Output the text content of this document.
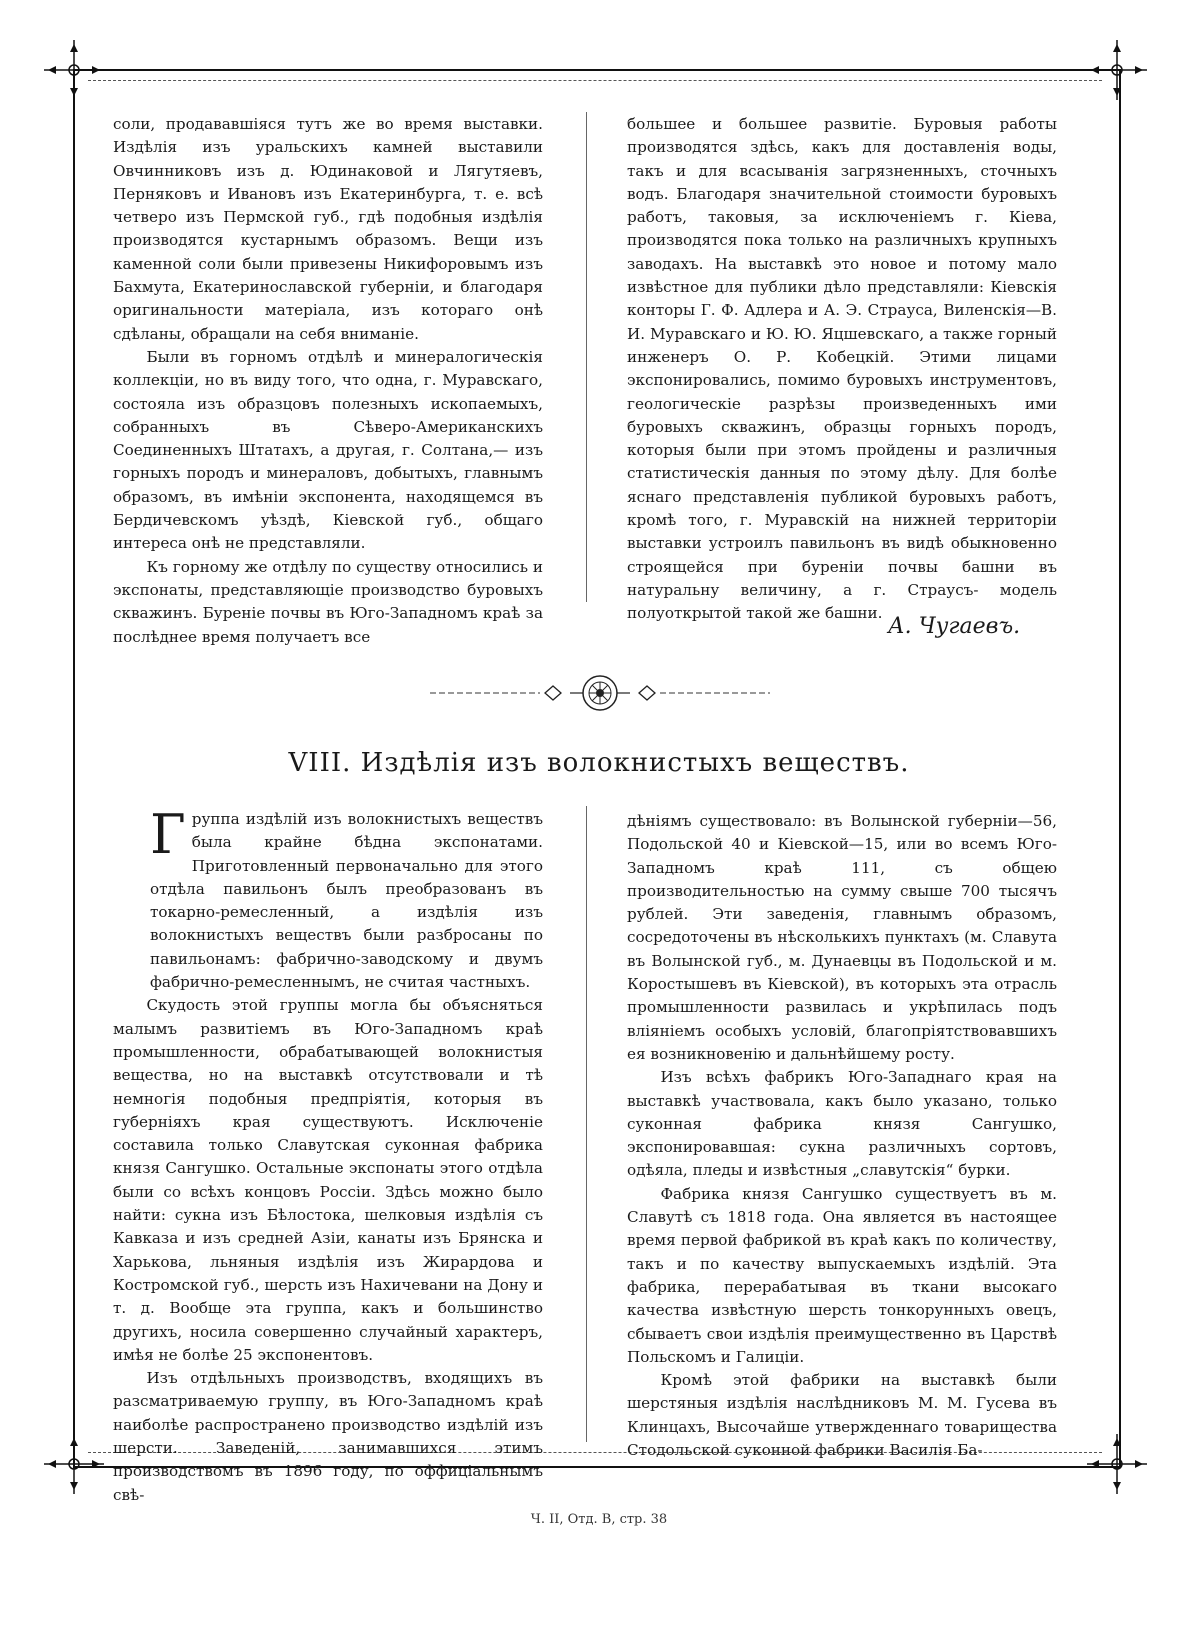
соли, продававшіяся тутъ же во время выставки. Издѣлія изъ уральскихъ камней выставили Овчинниковъ изъ д. Юдинаковой и Лягутяевъ, Перняковъ и Ивановъ изъ Екатеринбурга, т. е. всѣ четверо изъ Пермской губ., гдѣ подобныя издѣлія производятся кустарнымъ образомъ. Вещи изъ каменной соли были привезены Никифоровымъ изъ Бахмута, Екатеринославской губерніи, и благодаря оригинальности матеріала, изъ котораго онѣ сдѣланы, обращали на себя вниманіе.

Были въ горномъ отдѣлѣ и минералогическія коллекціи, но въ виду того, что одна, г. Муравскаго, состояла изъ образцовъ полезныхъ ископаемыхъ, собранныхъ въ Сѣверо-Американскихъ Соединенныхъ Штатахъ, а другая, г. Солтана,— изъ горныхъ породъ и минераловъ, добытыхъ, главнымъ образомъ, въ имѣніи экспонента, находящемся въ Бердичевскомъ уѣздѣ, Кіевской губ., общаго интереса онѣ не представляли.

Къ горному же отдѣлу по существу относились и экспонаты, представляющіе производство буровыхъ скважинъ. Буреніе почвы въ Юго-Западномъ краѣ за послѣднее время получаетъ все

большее и большее развитіе. Буровыя работы производятся здѣсь, какъ для доставленія воды, такъ и для всасыванія загрязненныхъ, сточныхъ водъ. Благодаря значительной стоимости буровыхъ работъ, таковыя, за исключеніемъ г. Кіева, производятся пока только на различныхъ крупныхъ заводахъ. На выставкѣ это новое и потому мало извѣстное для публики дѣло представляли: Кіевскія конторы Г. Ф. Адлера и А. Э. Страуса, Виленскія—В. И. Муравскаго и Ю. Ю. Яцшевскаго, а также горный инженеръ О. Р. Кобецкій. Этими лицами экспонировались, помимо буровыхъ инструментовъ, геологическіе разрѣзы произведенныхъ ими буровыхъ скважинъ, образцы горныхъ породъ, которыя были при этомъ пройдены и различныя статистическія данныя по этому дѣлу. Для болѣе яснаго представленія публикой буровыхъ работъ, кромѣ того, г. Муравскій на нижней территоріи выставки устроилъ павильонъ въ видѣ обыкновенно строящейся при буреніи почвы башни въ натуральну величину, а г. Страусъ- модель полуоткрытой такой же башни.

А. Чугаевъ.
VIII. Издѣлія изъ волокнистыхъ веществъ.

Группа издѣлій изъ волокнистыхъ веществъ была крайне бѣдна экспонатами. Приготовленный первоначально для этого отдѣла павильонъ былъ преобразованъ въ токарно-ремесленный, а издѣлія изъ волокнистыхъ веществъ были разбросаны по павильонамъ: фабрично-заводскому и двумъ фабрично-ремесленнымъ, не считая частныхъ.

Скудость этой группы могла бы объясняться малымъ развитіемъ въ Юго-Западномъ краѣ промышленности, обрабатывающей волокнистыя вещества, но на выставкѣ отсутствовали и тѣ немногія подобныя предпріятія, которыя въ губерніяхъ края существуютъ. Исключеніе составила только Славутская суконная фабрика князя Сангушко. Остальные экспонаты этого отдѣла были со всѣхъ концовъ Россіи. Здѣсь можно было найти: сукна изъ Бѣлостока, шелковыя издѣлія съ Кавказа и изъ средней Азіи, канаты изъ Брянска и Харькова, льняныя издѣлія изъ Жирардова и Костромской губ., шерсть изъ Нахичевани на Дону и т. д. Вообще эта группа, какъ и большинство другихъ, носила совершенно случайный характеръ, имѣя не болѣе 25 экспонентовъ.

Изъ отдѣльныхъ производствъ, входящихъ въ разсматриваемую группу, въ Юго-Западномъ краѣ наиболѣе распространено производство издѣлій изъ шерсти. Заведеній, занимавшихся этимъ производствомъ въ 1896 году, по оффиціальнымъ свѣ-

дѣніямъ существовало: въ Волынской губерніи—56, Подольской 40 и Кіевской—15, или во всемъ Юго-Западномъ краѣ 111, съ общею производительностью на сумму свыше 700 тысячъ рублей. Эти заведенія, главнымъ образомъ, сосредоточены въ нѣсколькихъ пунктахъ (м. Славута въ Волынской губ., м. Дунаевцы въ Подольской и м. Коростышевъ въ Кіевской), въ которыхъ эта отрасль промышленности развилась и укрѣпилась подъ вліяніемъ особыхъ условій, благопріятствовавшихъ ея возникновенію и дальнѣйшему росту.

Изъ всѣхъ фабрикъ Юго-Западнаго края на выставкѣ участвовала, какъ было указано, только суконная фабрика князя Сангушко, экспонировавшая: сукна различныхъ сортовъ, одѣяла, пледы и извѣстныя „славутскія“ бурки.

Фабрика князя Сангушко существуетъ въ м. Славутѣ съ 1818 года. Она является въ настоящее время первой фабрикой въ краѣ какъ по количеству, такъ и по качеству выпускаемыхъ издѣлій. Эта фабрика, перерабатывая въ ткани высокаго качества извѣстную шерсть тонкорунныхъ овецъ, сбываетъ свои издѣлія преимущественно въ Царствѣ Польскомъ и Галиціи.

Кромѣ этой фабрики на выставкѣ были шерстяныя издѣлія наслѣдниковъ М. М. Гусева въ Клинцахъ, Высочайше утвержденнаго товарищества Стодольской суконной фабрики Василія Ба-

Ч. II, Отд. В, стр. 38
